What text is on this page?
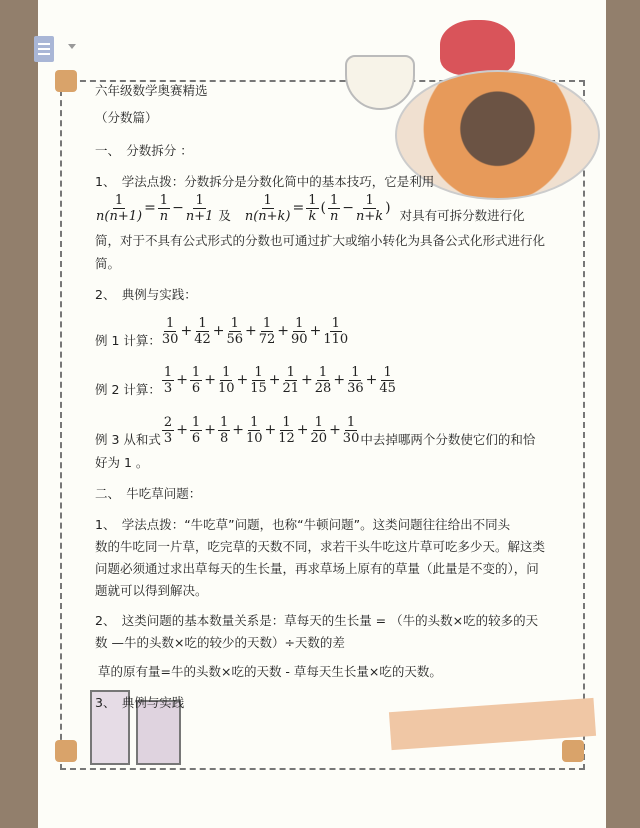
六年级数学奥赛精选
（分数篇）
一、　分数拆分 ：
1、　学法点拨：分数拆分是分数化简中的基本技巧，它是利用
$\frac{1}{n(n+1)} = \frac{1}{n} - \frac{1}{n+1}$ 及 $\frac{1}{n(n+k)} = \frac{1}{k}$ ( $\frac{1}{n} - \frac{1}{n+k}$ ) 对具有可拆分数进行化
简，对于不具有公式形式的分数也可通过扩大或缩小转化为具备公式化形式进行化
简。
2、　典例与实践：
例 1 计算： $\frac{1}{30} + \frac{1}{42} + \frac{1}{56} + \frac{1}{72} + \frac{1}{90} + \frac{1}{110}$
例 2 计算： $\frac{1}{3} + \frac{1}{6} + \frac{1}{10} + \frac{1}{15} + \frac{1}{21} + \frac{1}{28} + \frac{1}{36} + \frac{1}{45}$
例 3 从和式 $\frac{2}{3} + \frac{1}{6} + \frac{1}{8} + \frac{1}{10} + \frac{1}{12} + \frac{1}{20} + \frac{1}{30}$ 中去掉哪两个分数使它们的和恰
好为 1 。
二、　牛吃草问题：
1、　学法点拨：“牛吃草”问题，也称“牛顿问题”。这类问题往往给出不同头
数的牛吃同一片草，吃完草的天数不同，求若干头牛吃这片草可吃多少天。解这类
问题必须通过求出草每天的生长量，再求草场上原有的草量（此量是不变的），问
题就可以得到解决。
2、　这类问题的基本数量关系是：草每天的生长量 = （牛的头数×吃的较多的天
数 —牛的头数×吃的较少的天数）÷天数的差
草的原有量=牛的头数×吃的天数 - 草每天生长量×吃的天数。
3、　典例与实践
